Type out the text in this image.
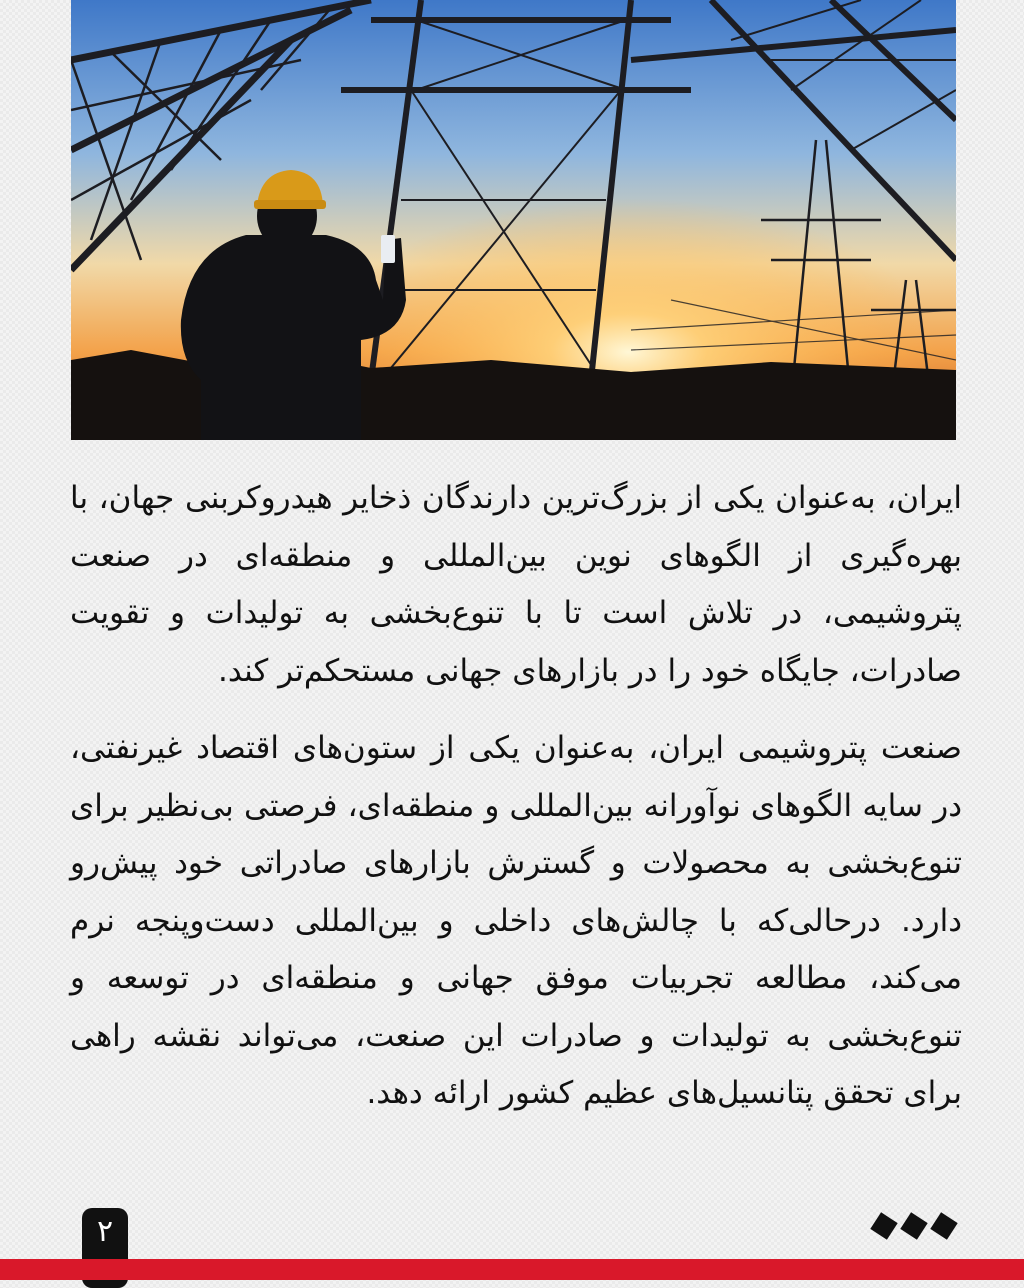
ایران، به‌عنوان یکی از بزرگ‌ترین دارندگان ذخایر هیدروکربنی جهان، با بهره‌گیری از الگوهای نوین بین‌المللی و منطقه‌ای در صنعت پتروشیمی، در تلاش است تا با تنوع‌بخشی به تولیدات و تقویت صادرات، جایگاه خود را در بازارهای جهانی مستحکم‌تر کند.

صنعت پتروشیمی ایران، به‌عنوان یکی از ستون‌های اقتصاد غیرنفتی، در سایه الگوهای نوآورانه بین‌المللی و منطقه‌ای، فرصتی بی‌نظیر برای تنوع‌بخشی به محصولات و گسترش بازارهای صادراتی خود پیش‌رو دارد. درحالی‌که با چالش‌های داخلی و بین‌المللی دست‌وپنجه نرم می‌کند، مطالعه تجربیات موفق جهانی و منطقه‌ای در توسعه و تنوع‌بخشی به تولیدات و صادرات این صنعت، می‌تواند نقشه راهی برای تحقق پتانسیل‌های عظیم کشور ارائه دهد.

۲
